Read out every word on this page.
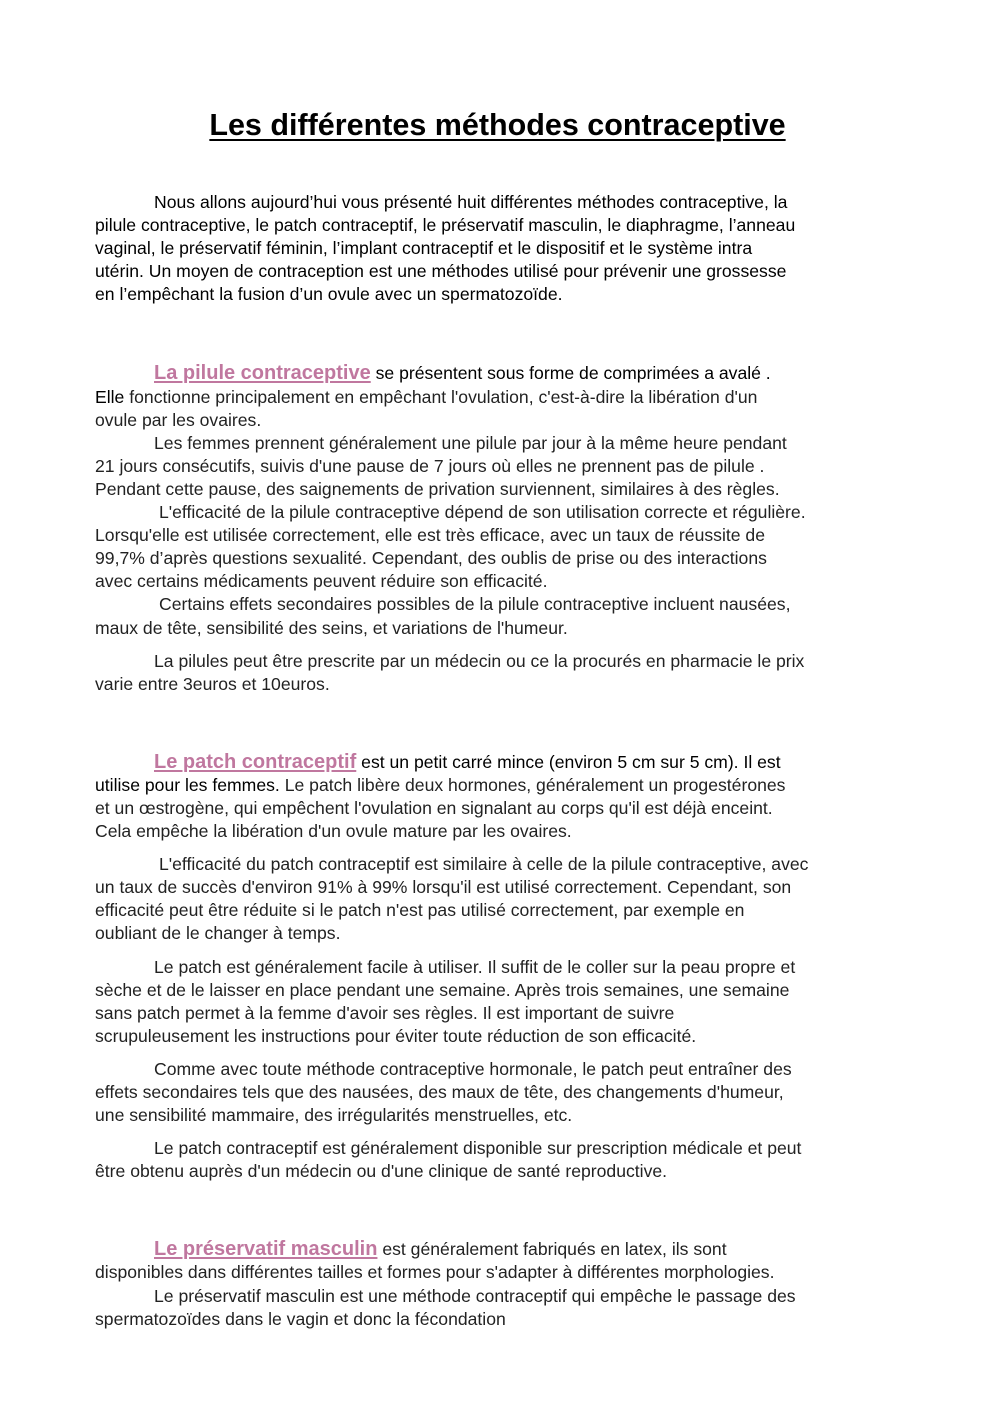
Les différentes méthodes contraceptive

Nous allons aujourd’hui vous présenté huit différentes méthodes contraceptive, la

pilule contraceptive, le patch contraceptif, le préservatif masculin, le diaphragme, l’anneau

vaginal, le préservatif féminin, l’implant contraceptif et le dispositif et le système intra

utérin. Un moyen de contraception est une méthodes utilisé pour prévenir une grossesse

en l’empêchant la fusion d’un ovule avec un spermatozoïde.

La pilule contraceptive se présentent sous forme de comprimées a avalé .

Elle fonctionne principalement en empêchant l'ovulation, c'est-à-dire la libération d'un

ovule par les ovaires.

Les femmes prennent généralement une pilule par jour à la même heure pendant

21 jours consécutifs, suivis d'une pause de 7 jours où elles ne prennent pas de pilule .

Pendant cette pause, des saignements de privation surviennent, similaires à des règles.

L'efficacité de la pilule contraceptive dépend de son utilisation correcte et régulière.

Lorsqu'elle est utilisée correctement, elle est très efficace, avec un taux de réussite de

99,7% d’après questions sexualité. Cependant, des oublis de prise ou des interactions

avec certains médicaments peuvent réduire son efficacité.

Certains effets secondaires possibles de la pilule contraceptive incluent nausées,

maux de tête, sensibilité des seins, et variations de l'humeur.

La pilules peut être prescrite par un médecin ou ce la procurés en pharmacie le prix

varie entre 3euros et 10euros.

Le patch contraceptif est un petit carré mince (environ 5 cm sur 5 cm). Il est

utilise pour les femmes. Le patch libère deux hormones, généralement un progestérones

et un œstrogène, qui empêchent l'ovulation en signalant au corps qu'il est déjà enceint.

Cela empêche la libération d'un ovule mature par les ovaires.

L'efficacité du patch contraceptif est similaire à celle de la pilule contraceptive, avec

un taux de succès d'environ 91% à 99% lorsqu'il est utilisé correctement. Cependant, son

efficacité peut être réduite si le patch n'est pas utilisé correctement, par exemple en

oubliant de le changer à temps.

Le patch est généralement facile à utiliser. Il suffit de le coller sur la peau propre et

sèche et de le laisser en place pendant une semaine. Après trois semaines, une semaine

sans patch permet à la femme d'avoir ses règles. Il est important de suivre

scrupuleusement les instructions pour éviter toute réduction de son efficacité.

Comme avec toute méthode contraceptive hormonale, le patch peut entraîner des

effets secondaires tels que des nausées, des maux de tête, des changements d'humeur,

une sensibilité mammaire, des irrégularités menstruelles, etc.

Le patch contraceptif est généralement disponible sur prescription médicale et peut

être obtenu auprès d'un médecin ou d'une clinique de santé reproductive.

Le préservatif masculin est généralement fabriqués en latex, ils sont

disponibles dans différentes tailles et formes pour s'adapter à différentes morphologies.

Le préservatif masculin est une méthode contraceptif qui empêche le passage des

spermatozoïdes dans le vagin et donc la fécondation
